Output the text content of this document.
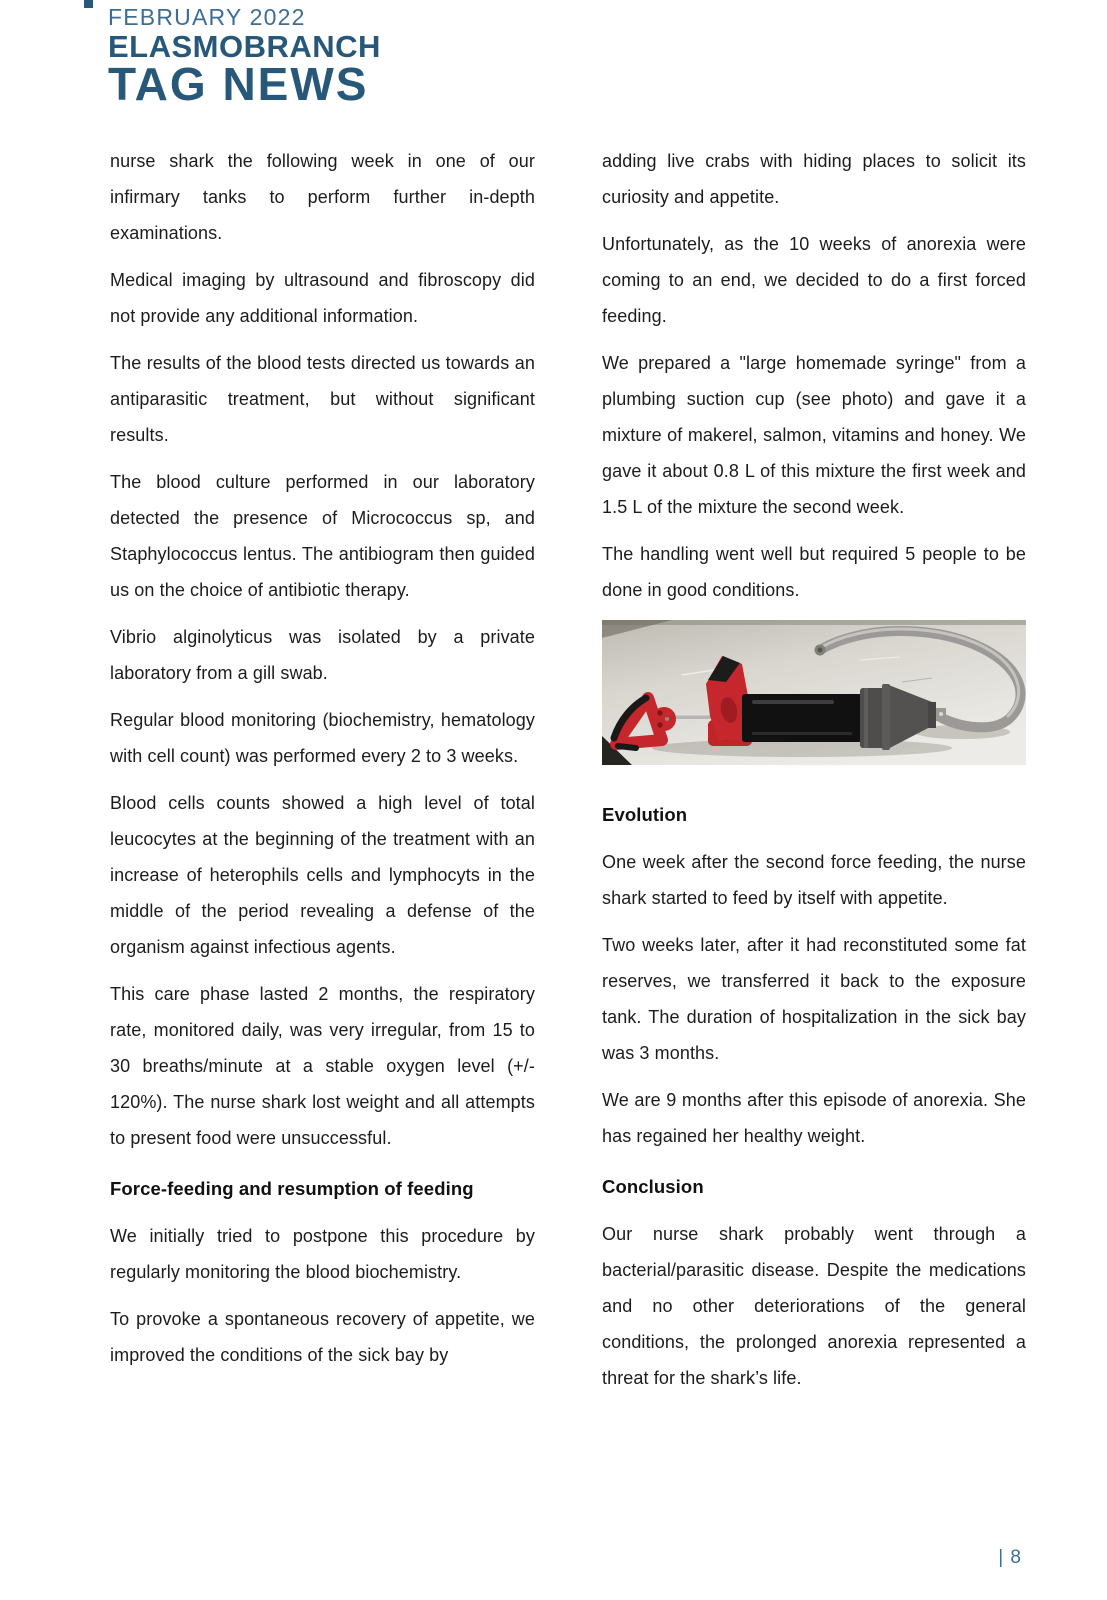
FEBRUARY 2022
ELASMOBRANCH
TAG NEWS

nurse shark the following week in one of our infirmary tanks to perform further in-depth examinations.

Medical imaging by ultrasound and fibroscopy did not provide any additional information.

The results of the blood tests directed us towards an antiparasitic treatment, but without significant results.

The blood culture performed in our laboratory detected the presence of Micrococcus sp, and Staphylococcus lentus. The antibiogram then guided us on the choice of antibiotic therapy.

Vibrio alginolyticus was isolated by a private laboratory from a gill swab.

Regular blood monitoring (biochemistry, hematology with cell count) was performed every 2 to 3 weeks.

Blood cells counts showed a high level of total leucocytes at the beginning of the treatment with an increase of heterophils cells and lymphocyts in the middle of the period revealing a defense of the organism against infectious agents.

This care phase lasted 2 months, the respiratory rate, monitored daily, was very irregular, from 15 to 30 breaths/minute at a stable oxygen level (+/- 120%). The nurse shark lost weight and all attempts to present food were unsuccessful.

Force-feeding and resumption of feeding

We initially tried to postpone this procedure by regularly monitoring the blood biochemistry.

To provoke a spontaneous recovery of appetite, we improved the conditions of the sick bay by

adding live crabs with hiding places to solicit its curiosity and appetite.

Unfortunately, as the 10 weeks of anorexia were coming to an end, we decided to do a first forced feeding.

We prepared a "large homemade syringe" from a plumbing suction cup (see photo) and gave it a mixture of makerel, salmon, vitamins and honey. We gave it about 0.8 L of this mixture the first week and 1.5 L of the mixture the second week.

The handling went well but required 5 people to be done in good conditions.

Evolution

One week after the second force feeding, the nurse shark started to feed by itself with appetite.

Two weeks later, after it had reconstituted some fat reserves, we transferred it back to the exposure tank. The duration of hospitalization in the sick bay was 3 months.

We are 9 months after this episode of anorexia. She has regained her healthy weight.

Conclusion

Our nurse shark probably went through a bacterial/parasitic disease. Despite the medications and no other deteriorations of the general conditions, the prolonged anorexia represented a threat for the shark’s life.

| 8
